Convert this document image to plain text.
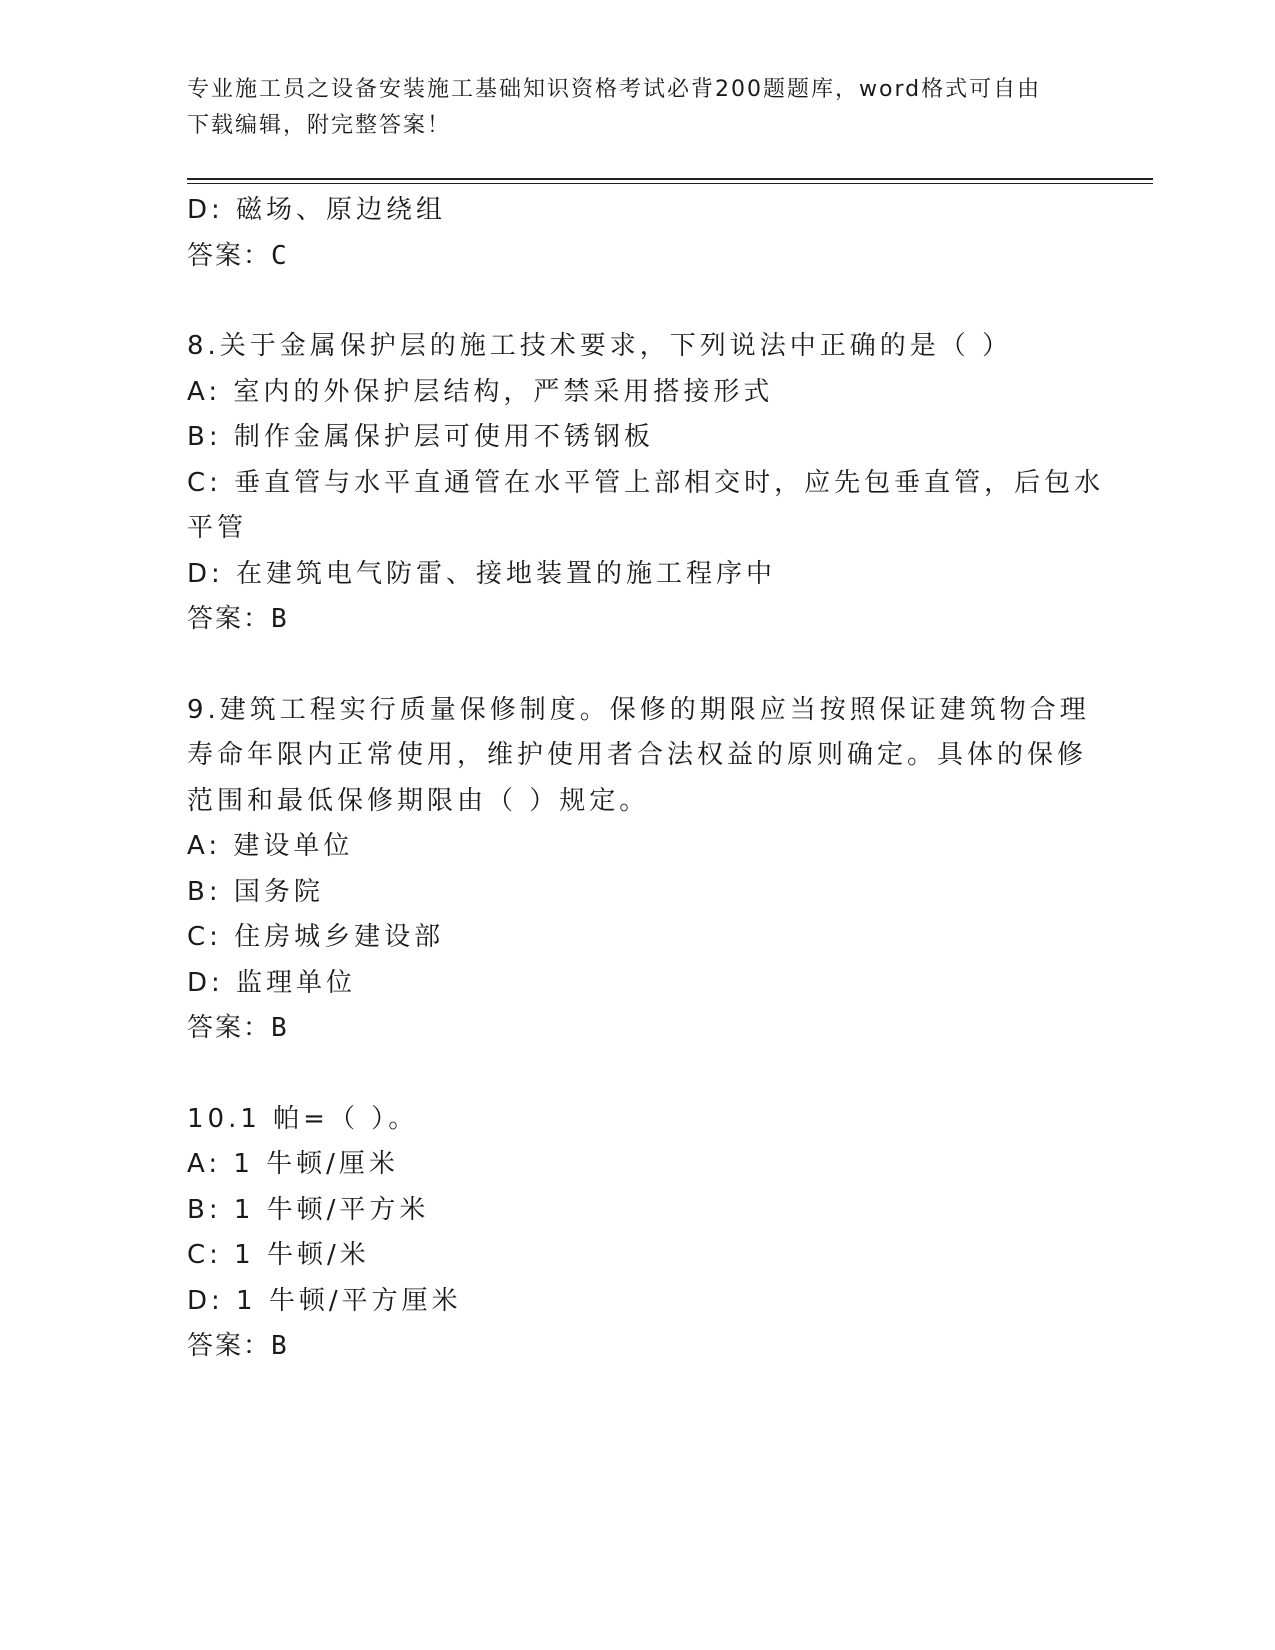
专业施工员之设备安装施工基础知识资格考试必背200题题库，word格式可自由
下载编辑，附完整答案！
D: 磁场、原边绕组
答案：C
8.关于金属保护层的施工技术要求，下列说法中正确的是（ ）
A: 室内的外保护层结构，严禁采用搭接形式
B: 制作金属保护层可使用不锈钢板
C: 垂直管与水平直通管在水平管上部相交时，应先包垂直管，后包水
平管
D: 在建筑电气防雷、接地装置的施工程序中
答案：B
9.建筑工程实行质量保修制度。保修的期限应当按照保证建筑物合理
寿命年限内正常使用，维护使用者合法权益的原则确定。具体的保修
范围和最低保修期限由（ ）规定。
A: 建设单位
B: 国务院
C: 住房城乡建设部
D: 监理单位
答案：B
10.1 帕=（ ）。
A: 1 牛顿/厘米
B: 1 牛顿/平方米
C: 1 牛顿/米
D: 1 牛顿/平方厘米
答案：B
